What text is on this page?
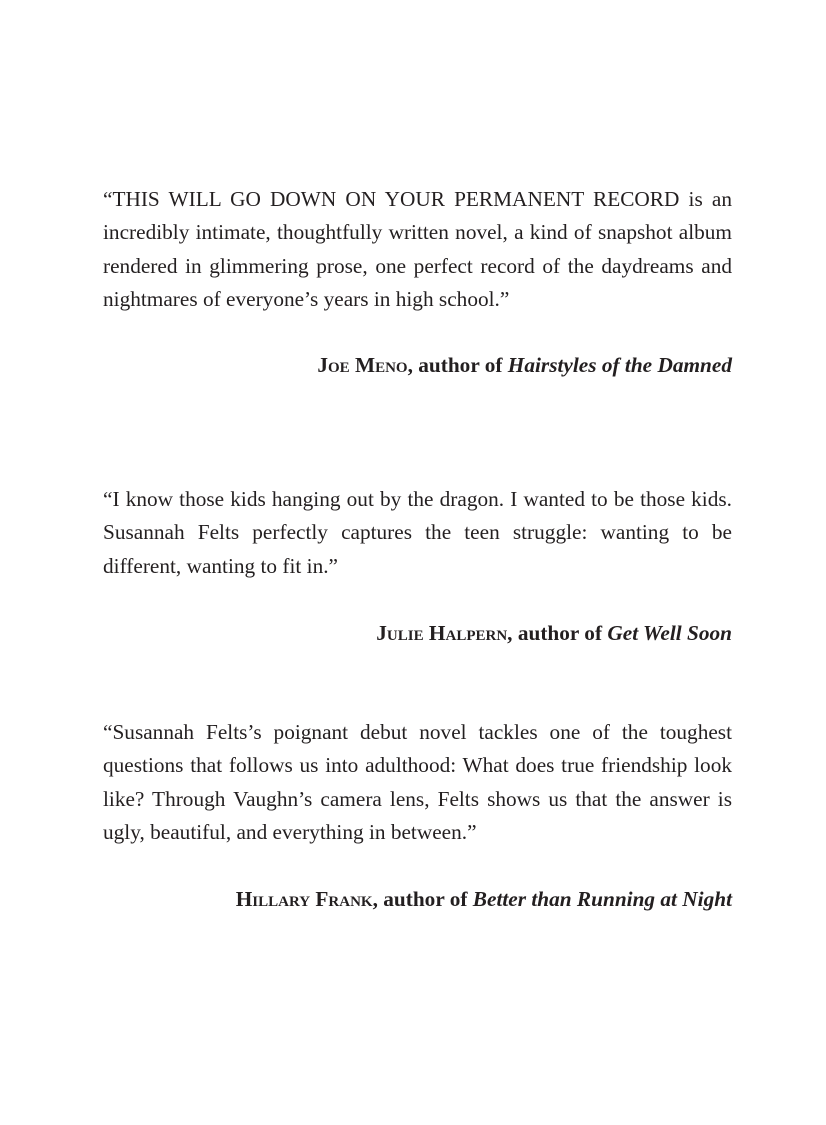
“THIS WILL GO DOWN ON YOUR PERMANENT RECORD is an incredibly intimate, thoughtfully written novel, a kind of snapshot album rendered in glimmering prose, one perfect record of the daydreams and nightmares of everyone’s years in high school.”

Joe Meno, author of Hairstyles of the Damned

“I know those kids hanging out by the dragon. I wanted to be those kids. Susannah Felts perfectly captures the teen struggle: wanting to be different, wanting to fit in.”

Julie Halpern, author of Get Well Soon

“Susannah Felts’s poignant debut novel tackles one of the toughest questions that follows us into adulthood: What does true friendship look like? Through Vaughn’s camera lens, Felts shows us that the answer is ugly, beautiful, and everything in between.”

Hillary Frank, author of Better than Running at Night
